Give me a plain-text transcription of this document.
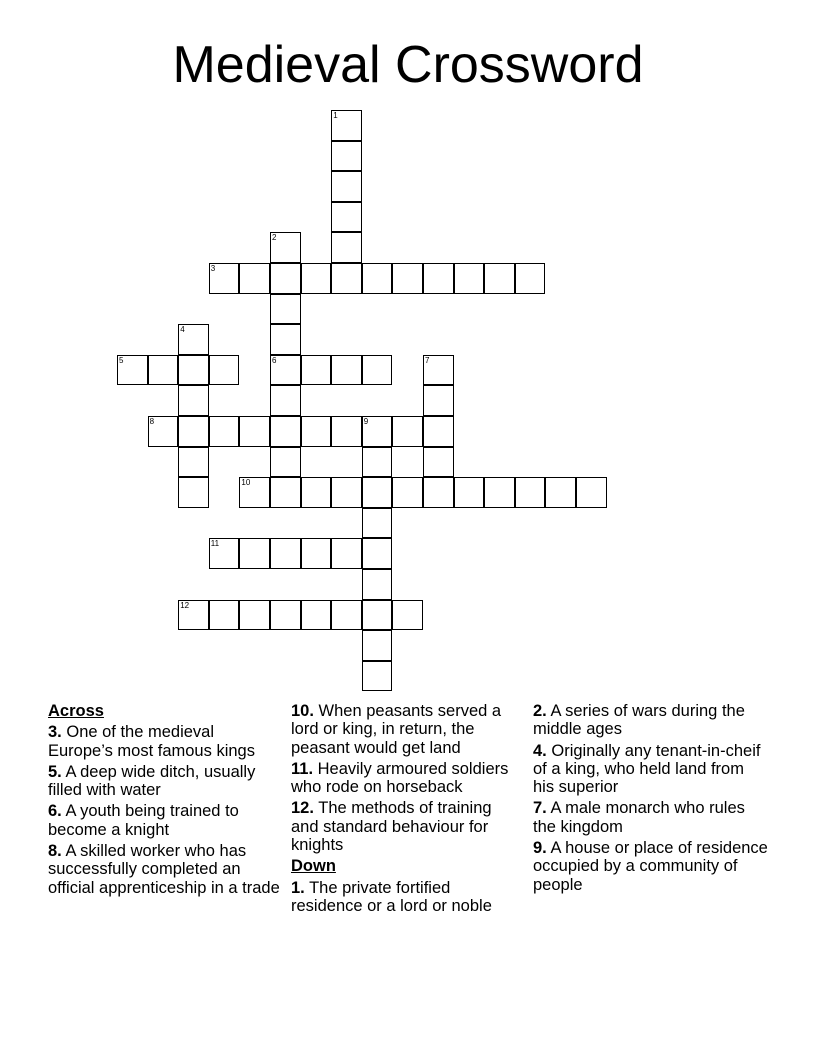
Medieval Crossword
1
2
6
3
4
5	7
8	9
10
11
12
Across
3. One of the medieval Europe’s most famous kings
5. A deep wide ditch, usually filled with water
6. A youth being trained to become a knight
8. A skilled worker who has successfully completed an official apprenticeship in a trade
10. When peasants served a lord or king, in return, the peasant would get land
11. Heavily armoured soldiers who rode on horseback
12. The methods of training and standard behaviour for knights
Down
1. The private fortified residence or a lord or noble
2. A series of wars during the middle ages
4. Originally any tenant-in-cheif of a king, who held land from his superior
7. A male monarch who rules the kingdom
9. A house or place of residence occupied by a community of people
